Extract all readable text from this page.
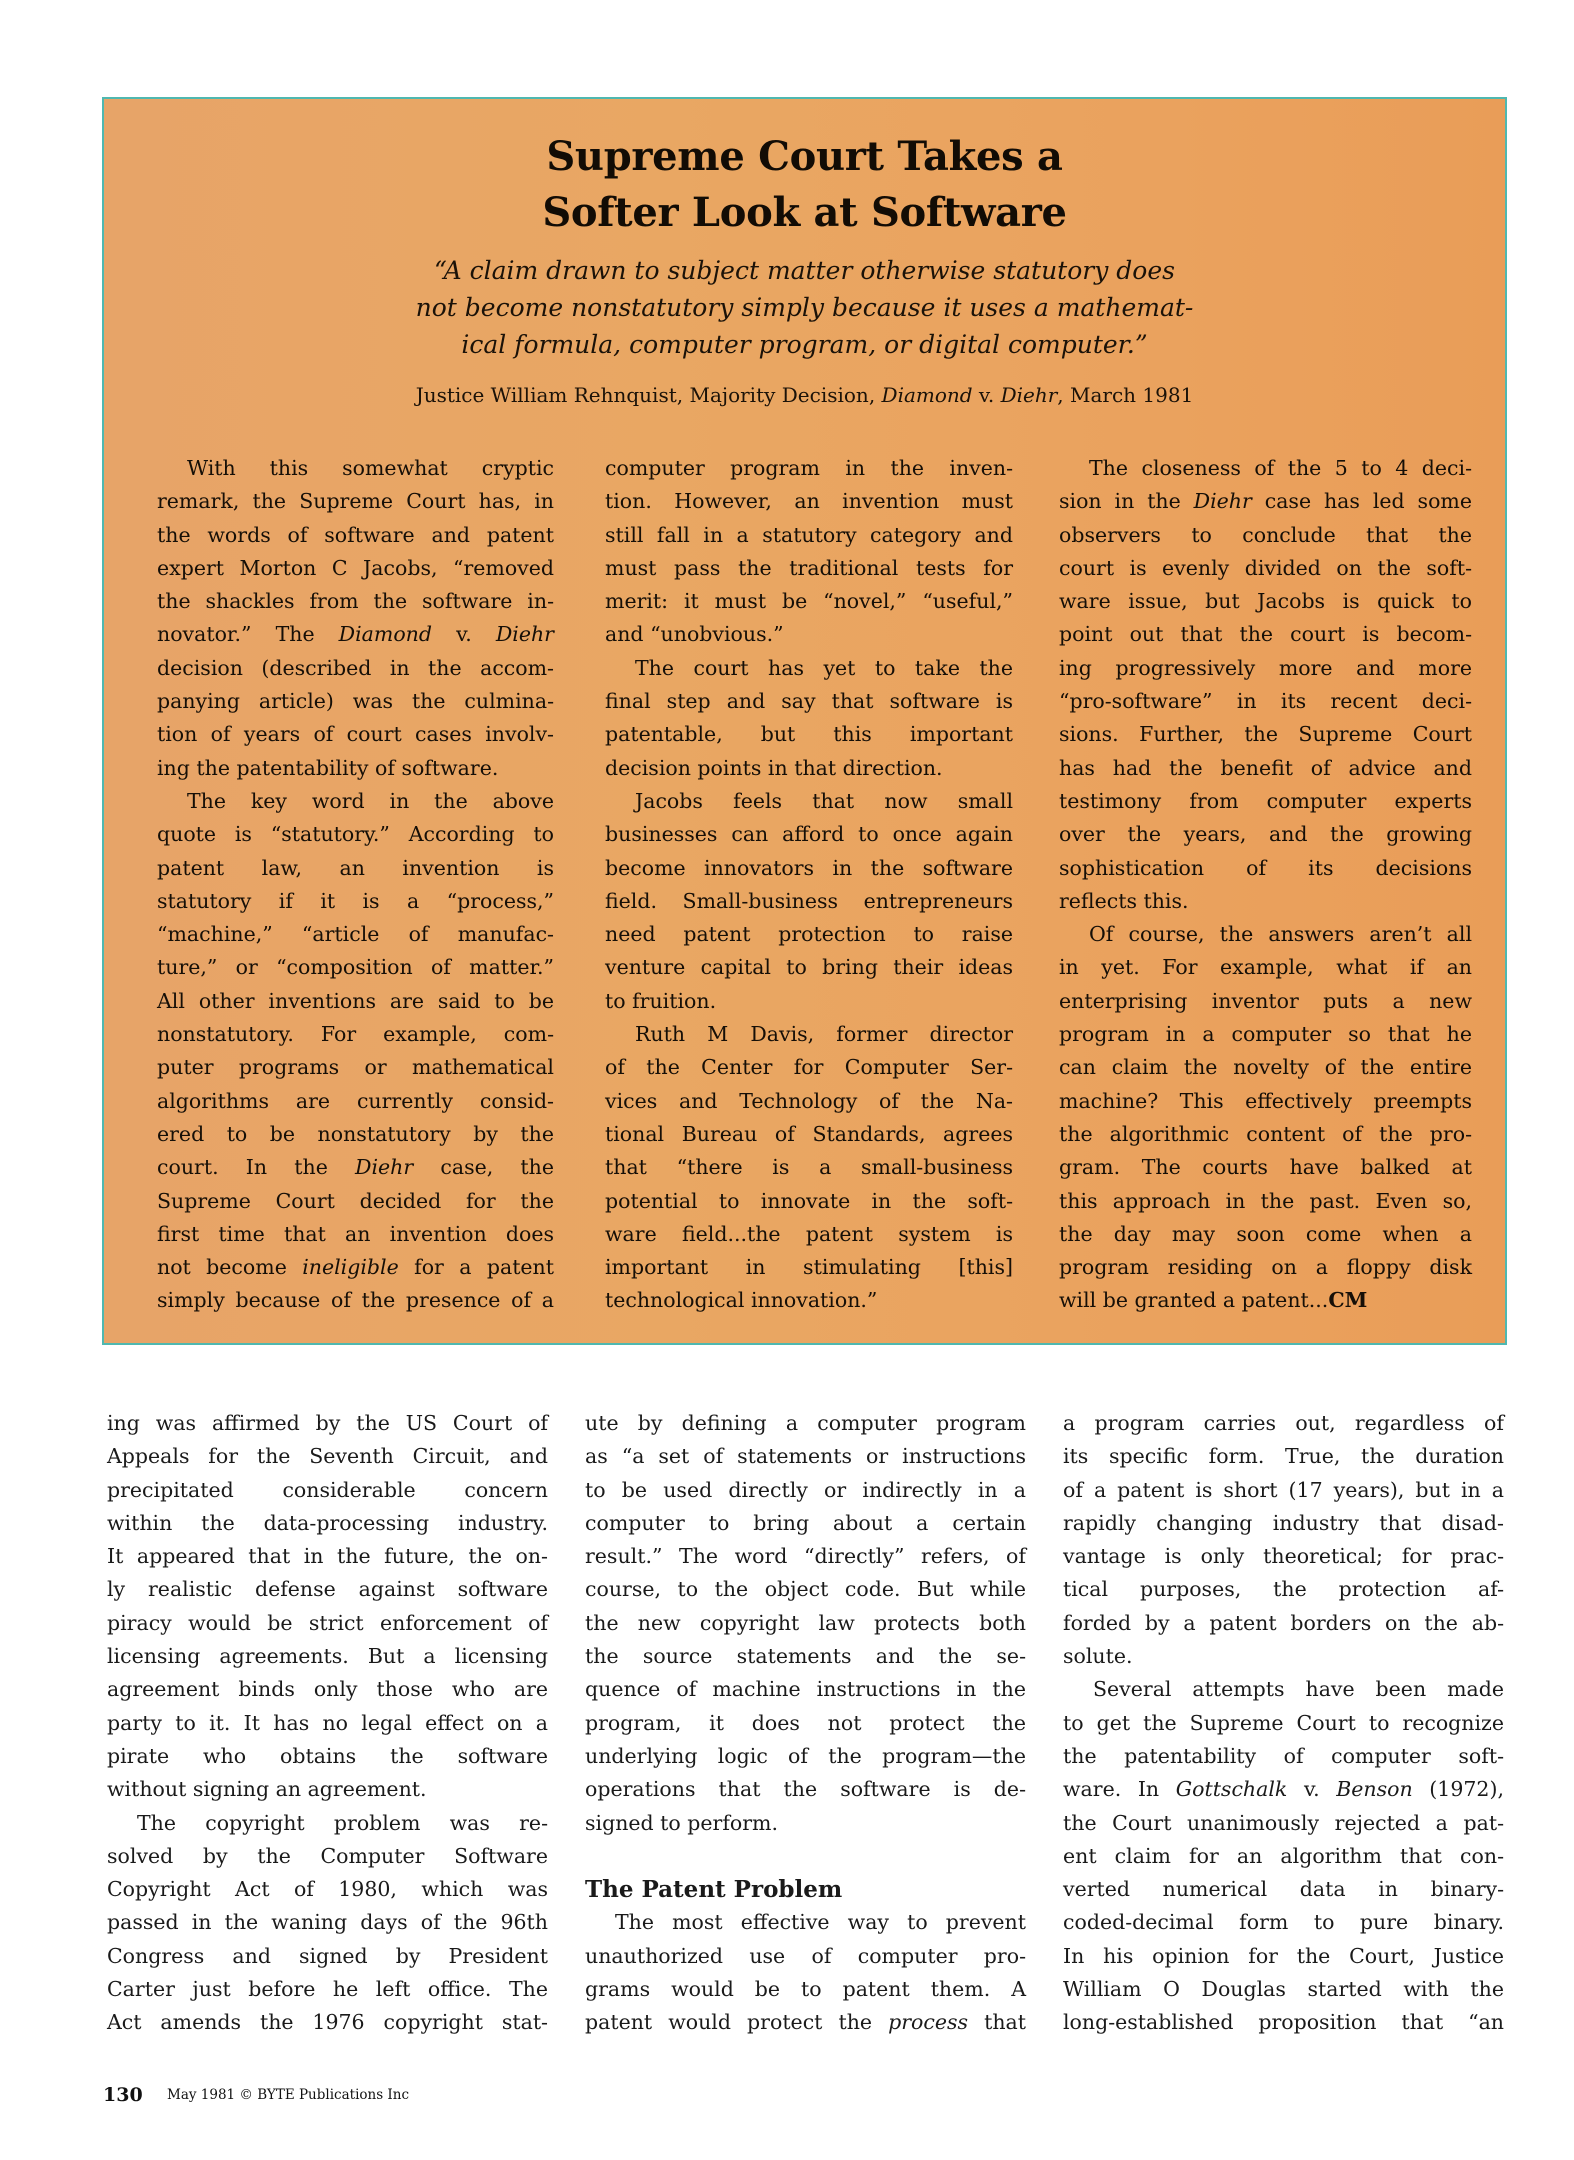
Supreme Court Takes a
Softer Look at Software
“A claim drawn to subject matter otherwise statutory does
not become nonstatutory simply because it uses a mathemat-
ical formula, computer program, or digital computer.”
Justice William Rehnquist, Majority Decision, Diamond v. Diehr, March 1981
With this somewhat cryptic
remark, the Supreme Court has, in
the words of software and patent
expert Morton C Jacobs, “removed
the shackles from the software in-
novator.” The Diamond v. Diehr
decision (described in the accom-
panying article) was the culmina-
tion of years of court cases involv-
ing the patentability of software.
The key word in the above
quote is “statutory.” According to
patent law, an invention is
statutory if it is a “process,”
“machine,” “article of manufac-
ture,” or “composition of matter.”
All other inventions are said to be
nonstatutory. For example, com-
puter programs or mathematical
algorithms are currently consid-
ered to be nonstatutory by the
court. In the Diehr case, the
Supreme Court decided for the
first time that an invention does
not become ineligible for a patent
simply because of the presence of a
computer program in the inven-
tion. However, an invention must
still fall in a statutory category and
must pass the traditional tests for
merit: it must be “novel,” “useful,”
and “unobvious.”
The court has yet to take the
final step and say that software is
patentable, but this important
decision points in that direction.
Jacobs feels that now small
businesses can afford to once again
become innovators in the software
field. Small-business entrepreneurs
need patent protection to raise
venture capital to bring their ideas
to fruition.
Ruth M Davis, former director
of the Center for Computer Ser-
vices and Technology of the Na-
tional Bureau of Standards, agrees
that “there is a small-business
potential to innovate in the soft-
ware field...the patent system is
important in stimulating [this]
technological innovation.”
The closeness of the 5 to 4 deci-
sion in the Diehr case has led some
observers to conclude that the
court is evenly divided on the soft-
ware issue, but Jacobs is quick to
point out that the court is becom-
ing progressively more and more
“pro-software” in its recent deci-
sions. Further, the Supreme Court
has had the benefit of advice and
testimony from computer experts
over the years, and the growing
sophistication of its decisions
reflects this.
Of course, the answers aren’t all
in yet. For example, what if an
enterprising inventor puts a new
program in a computer so that he
can claim the novelty of the entire
machine? This effectively preempts
the algorithmic content of the pro-
gram. The courts have balked at
this approach in the past. Even so,
the day may soon come when a
program residing on a floppy disk
will be granted a patent...CM
ing was affirmed by the US Court of
Appeals for the Seventh Circuit, and
precipitated considerable concern
within the data-processing industry.
It appeared that in the future, the on-
ly realistic defense against software
piracy would be strict enforcement of
licensing agreements. But a licensing
agreement binds only those who are
party to it. It has no legal effect on a
pirate who obtains the software
without signing an agreement.
The copyright problem was re-
solved by the Computer Software
Copyright Act of 1980, which was
passed in the waning days of the 96th
Congress and signed by President
Carter just before he left office. The
Act amends the 1976 copyright stat-
ute by defining a computer program
as “a set of statements or instructions
to be used directly or indirectly in a
computer to bring about a certain
result.” The word “directly” refers, of
course, to the object code. But while
the new copyright law protects both
the source statements and the se-
quence of machine instructions in the
program, it does not protect the
underlying logic of the program—the
operations that the software is de-
signed to perform.

The Patent Problem
The most effective way to prevent
unauthorized use of computer pro-
grams would be to patent them. A
patent would protect the process that
a program carries out, regardless of
its specific form. True, the duration
of a patent is short (17 years), but in a
rapidly changing industry that disad-
vantage is only theoretical; for prac-
tical purposes, the protection af-
forded by a patent borders on the ab-
solute.
Several attempts have been made
to get the Supreme Court to recognize
the patentability of computer soft-
ware. In Gottschalk v. Benson (1972),
the Court unanimously rejected a pat-
ent claim for an algorithm that con-
verted numerical data in binary-
coded-decimal form to pure binary.
In his opinion for the Court, Justice
William O Douglas started with the
long-established proposition that “an
130 May 1981 © BYTE Publications Inc
